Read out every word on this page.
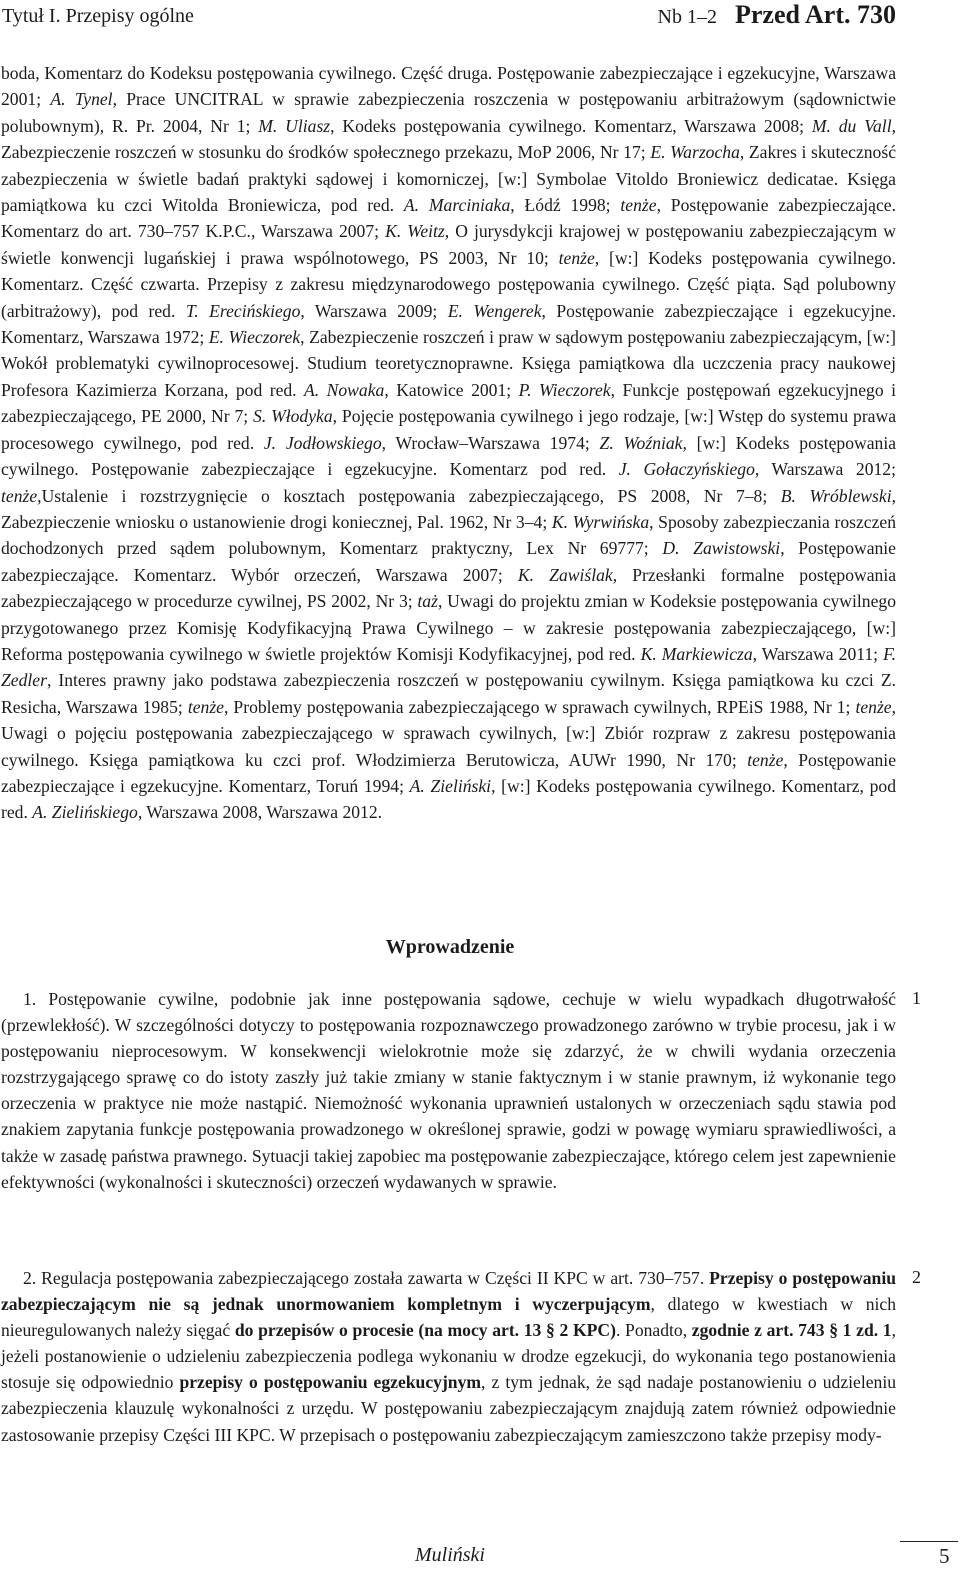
Tytuł I. Przepisy ogólne	Nb 1–2 Przed Art. 730
boda, Komentarz do Kodeksu postępowania cywilnego. Część druga. Postępowanie zabezpieczające i egzekucyjne, Warszawa 2001; A. Tynel, Prace UNCITRAL w sprawie zabezpieczenia roszczenia w postępowaniu arbitrażowym (sądownictwie polubownym), R. Pr. 2004, Nr 1; M. Uliasz, Kodeks postępowania cywilnego. Komentarz, Warszawa 2008; M. du Vall, Zabezpieczenie roszczeń w stosunku do środków społecznego przekazu, MoP 2006, Nr 17; E. Warzocha, Zakres i skuteczność zabezpieczenia w świetle badań praktyki sądowej i komorniczej, [w:] Symbolae Vitoldo Broniewicz dedicatae. Księga pamiątkowa ku czci Witolda Broniewicza, pod red. A. Marciniaka, Łódź 1998; tenże, Postępowanie zabezpieczające. Komentarz do art. 730–757 K.P.C., Warszawa 2007; K. Weitz, O jurysdykcji krajowej w postępowaniu zabezpieczającym w świetle konwencji lugańskiej i prawa wspólnotowego, PS 2003, Nr 10; tenże, [w:] Kodeks postępowania cywilnego. Komentarz. Część czwarta. Przepisy z zakresu międzynarodowego postępowania cywilnego. Część piąta. Sąd polubowny (arbitrażowy), pod red. T. Erecińskiego, Warszawa 2009; E. Wengerek, Postępowanie zabezpieczające i egzekucyjne. Komentarz, Warszawa 1972; E. Wieczorek, Zabezpieczenie roszczeń i praw w sądowym postępowaniu zabezpieczającym, [w:] Wokół problematyki cywilnoprocesowej. Studium teoretycznoprawne. Księga pamiątkowa dla uczczenia pracy naukowej Profesora Kazimierza Korzana, pod red. A. Nowaka, Katowice 2001; P. Wieczorek, Funkcje postępowań egzekucyjnego i zabezpieczającego, PE 2000, Nr 7; S. Włodyka, Pojęcie postępowania cywilnego i jego rodzaje, [w:] Wstęp do systemu prawa procesowego cywilnego, pod red. J. Jodłowskiego, Wrocław–Warszawa 1974; Z. Woźniak, [w:] Kodeks postępowania cywilnego. Postępowanie zabezpieczające i egzekucyjne. Komentarz pod red. J. Gołaczyńskiego, Warszawa 2012; tenże,Ustalenie i rozstrzygnięcie o kosztach postępowania zabezpieczającego, PS 2008, Nr 7–8; B. Wróblewski, Zabezpieczenie wniosku o ustanowienie drogi koniecznej, Pal. 1962, Nr 3–4; K. Wyrwińska, Sposoby zabezpieczania roszczeń dochodzonych przed sądem polubownym, Komentarz praktyczny, Lex Nr 69777; D. Zawistowski, Postępowanie zabezpieczające. Komentarz. Wybór orzeczeń, Warszawa 2007; K. Zawiślak, Przesłanki formalne postępowania zabezpieczającego w procedurze cywilnej, PS 2002, Nr 3; taż, Uwagi do projektu zmian w Kodeksie postępowania cywilnego przygotowanego przez Komisję Kodyfikacyjną Prawa Cywilnego – w zakresie postępowania zabezpieczającego, [w:] Reforma postępowania cywilnego w świetle projektów Komisji Kodyfikacyjnej, pod red. K. Markiewicza, Warszawa 2011; F. Zedler, Interes prawny jako podstawa zabezpieczenia roszczeń w postępowaniu cywilnym. Księga pamiątkowa ku czci Z. Resicha, Warszawa 1985; tenże, Problemy postępowania zabezpieczającego w sprawach cywilnych, RPEiS 1988, Nr 1; tenże, Uwagi o pojęciu postępowania zabezpieczającego w sprawach cywilnych, [w:] Zbiór rozpraw z zakresu postępowania cywilnego. Księga pamiątkowa ku czci prof. Włodzimierza Berutowicza, AUWr 1990, Nr 170; tenże, Postępowanie zabezpieczające i egzekucyjne. Komentarz, Toruń 1994; A. Zieliński, [w:] Kodeks postępowania cywilnego. Komentarz, pod red. A. Zielińskiego, Warszawa 2008, Warszawa 2012.
Wprowadzenie
1. Postępowanie cywilne, podobnie jak inne postępowania sądowe, cechuje w wielu wypadkach długotrwałość (przewlekłość). W szczególności dotyczy to postępowania rozpoznawczego prowadzonego zarówno w trybie procesu, jak i w postępowaniu nieprocesowym. W konsekwencji wielokrotnie może się zdarzyć, że w chwili wydania orzeczenia rozstrzygającego sprawę co do istoty zaszły już takie zmiany w stanie faktycznym i w stanie prawnym, iż wykonanie tego orzeczenia w praktyce nie może nastąpić. Niemożność wykonania uprawnień ustalonych w orzeczeniach sądu stawia pod znakiem zapytania funkcje postępowania prowadzonego w określonej sprawie, godzi w powagę wymiaru sprawiedliwości, a także w zasadę państwa prawnego. Sytuacji takiej zapobiec ma postępowanie zabezpieczające, którego celem jest zapewnienie efektywności (wykonalności i skuteczności) orzeczeń wydawanych w sprawie.
1
2. Regulacja postępowania zabezpieczającego została zawarta w Części II KPC w art. 730–757. Przepisy o postępowaniu zabezpieczającym nie są jednak unormowaniem kompletnym i wyczerpującym, dlatego w kwestiach w nich nieuregulowanych należy sięgać do przepisów o procesie (na mocy art. 13 § 2 KPC). Ponadto, zgodnie z art. 743 § 1 zd. 1, jeżeli postanowienie o udzieleniu zabezpieczenia podlega wykonaniu w drodze egzekucji, do wykonania tego postanowienia stosuje się odpowiednio przepisy o postępowaniu egzekucyjnym, z tym jednak, że sąd nadaje postanowieniu o udzieleniu zabezpieczenia klauzulę wykonalności z urzędu. W postępowaniu zabezpieczającym znajdują zatem również odpowiednie zastosowanie przepisy Części III KPC. W przepisach o postępowaniu zabezpieczającym zamieszczono także przepisy mody-
2
Muliński	5
